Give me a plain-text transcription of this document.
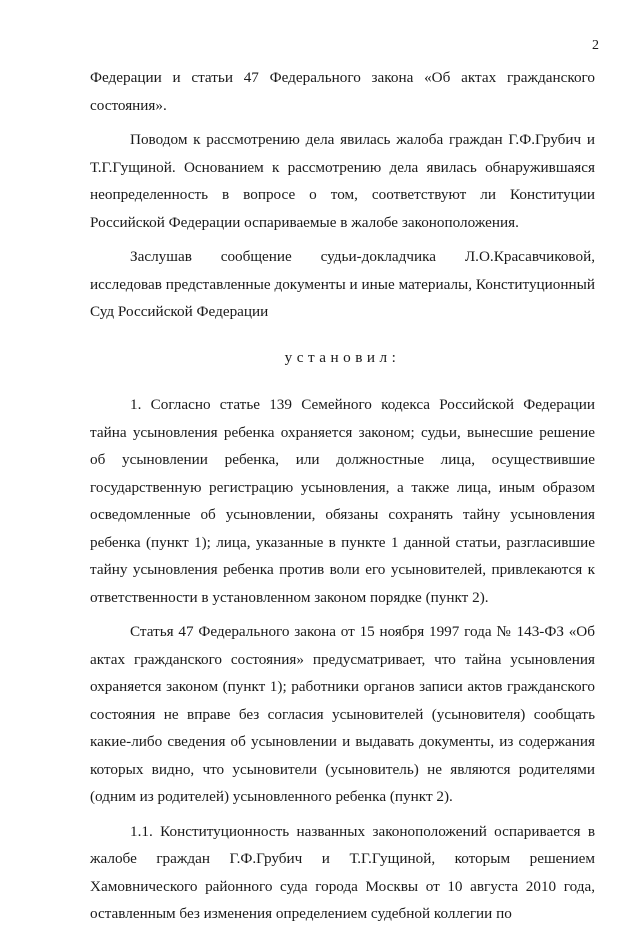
2

Федерации и статьи 47 Федерального закона «Об актах гражданского состояния».

Поводом к рассмотрению дела явилась жалоба граждан Г.Ф.Грубич и Т.Г.Гущиной. Основанием к рассмотрению дела явилась обнаружившаяся неопределенность в вопросе о том, соответствуют ли Конституции Российской Федерации оспариваемые в жалобе законоположения.

Заслушав сообщение судьи-докладчика Л.О.Красавчиковой, исследовав представленные документы и иные материалы, Конституционный Суд Российской Федерации

установил:

1. Согласно статье 139 Семейного кодекса Российской Федерации тайна усыновления ребенка охраняется законом; судьи, вынесшие решение об усыновлении ребенка, или должностные лица, осуществившие государственную регистрацию усыновления, а также лица, иным образом осведомленные об усыновлении, обязаны сохранять тайну усыновления ребенка (пункт 1); лица, указанные в пункте 1 данной статьи, разгласившие тайну усыновления ребенка против воли его усыновителей, привлекаются к ответственности в установленном законом порядке (пункт 2).

Статья 47 Федерального закона от 15 ноября 1997 года № 143-ФЗ «Об актах гражданского состояния» предусматривает, что тайна усыновления охраняется законом (пункт 1); работники органов записи актов гражданского состояния не вправе без согласия усыновителей (усыновителя) сообщать какие-либо сведения об усыновлении и выдавать документы, из содержания которых видно, что усыновители (усыновитель) не являются родителями (одним из родителей) усыновленного ребенка (пункт 2).

1.1. Конституционность названных законоположений оспаривается в жалобе граждан Г.Ф.Грубич и Т.Г.Гущиной, которым решением Хамовнического районного суда города Москвы от 10 августа 2010 года, оставленным без изменения определением судебной коллегии по
